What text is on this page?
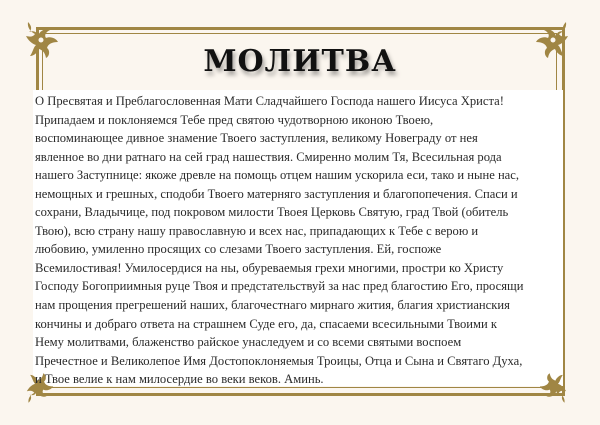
МОЛИТВА
О Пресвятая и Преблагословенная Мати Сладчайшего Господа нашего Иисуса Христа!
Припадаем и поклоняемся Тебе пред святою чудотворною иконою Твоею,
воспоминающее дивное знамение Твоего заступления, великому Новеграду от нея
явленное во дни ратнаго на сей град нашествия. Смиренно молим Тя, Всесильная рода
нашего Заступнице: якоже древле на помощь отцем нашим ускорила еси, тако и ныне нас,
немощных и грешных, сподоби Твоего матерняго заступления и благопопечения. Спаси и
сохрани, Владычице, под покровом милости Твоея Церковь Святую, град Твой (обитель
Твою), всю страну нашу православную и всех нас, припадающих к Тебе с верою и
любовию, умиленно просящих со слезами Твоего заступления. Ей, госпоже
Всемилостивая! Умилосердися на ны, обуреваемыя грехи многими, простри ко Христу
Господу Богоприимныя руце Твоя и предстательствуй за нас пред благостию Его, просящи
нам прощения прегрешений наших, благочестнаго мирнаго жития, благия христианския
кончины и добраго ответа на страшнем Суде его, да, спасаеми всесильными Твоими к
Нему молитвами, блаженство райское унаследуем и со всеми святыми воспоем
Пречестное и Великолепое Имя Достопоклоняемыя Троицы, Отца и Сына и Святаго Духа,
и Твое велие к нам милосердие во веки веков. Аминь.
